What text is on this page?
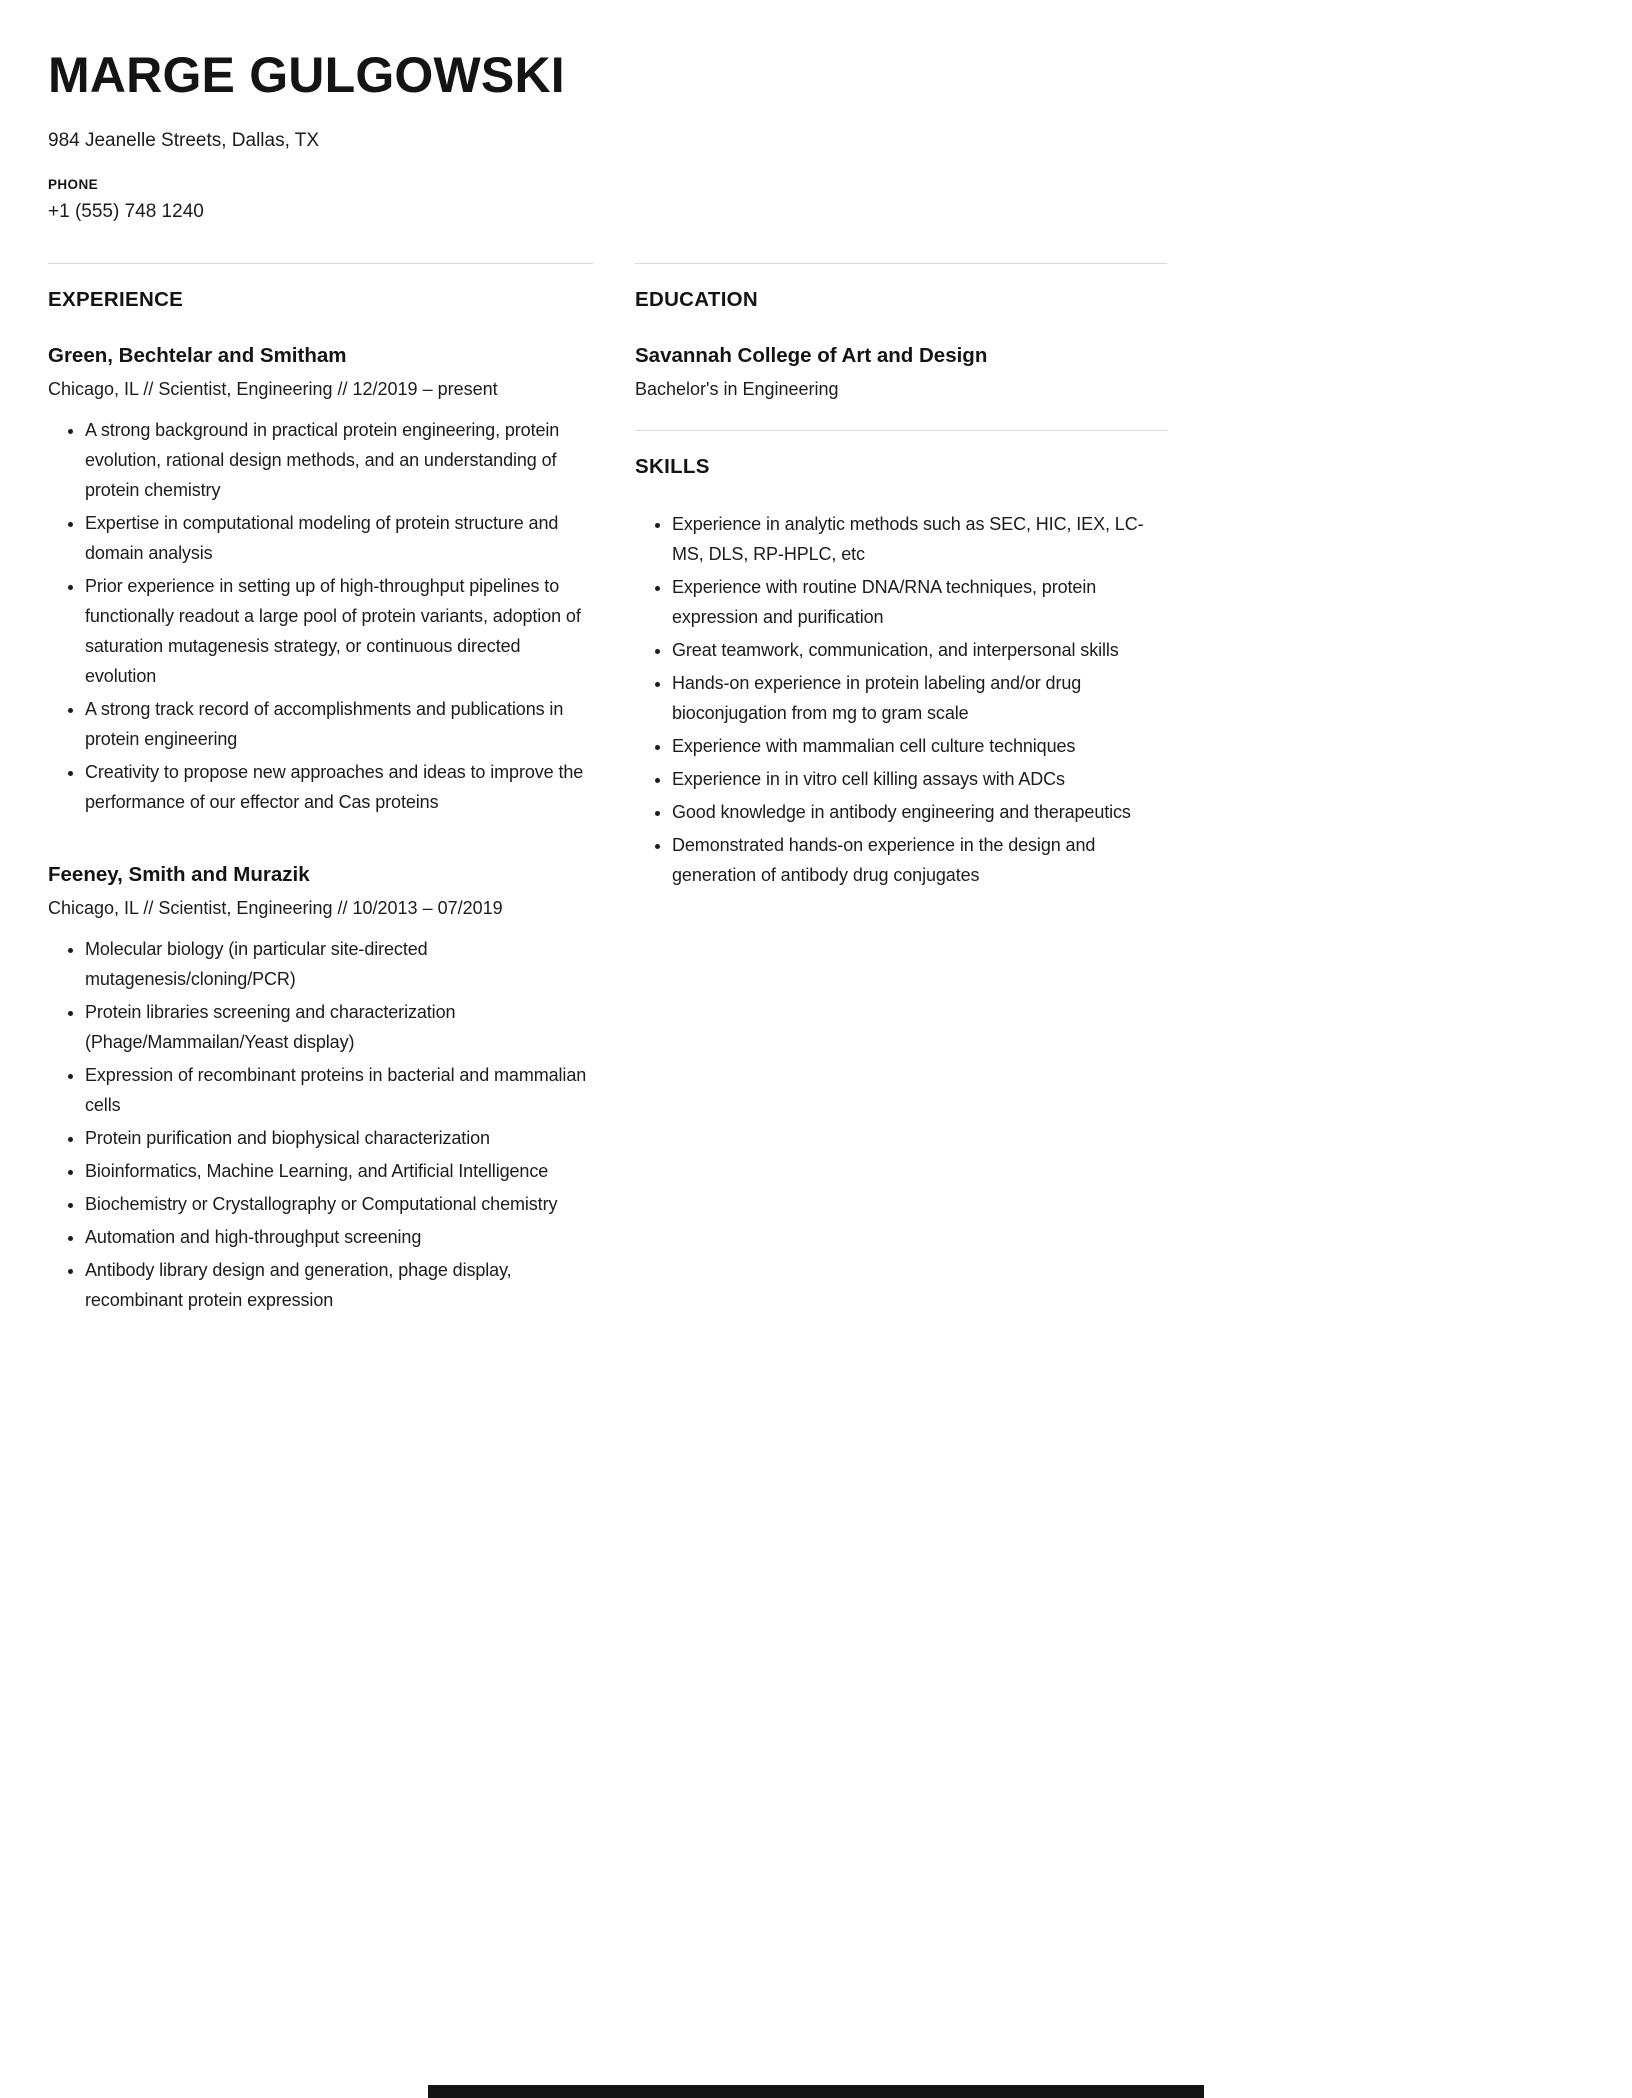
MARGE GULGOWSKI
984 Jeanelle Streets, Dallas, TX
PHONE
+1 (555) 748 1240
EXPERIENCE
Green, Bechtelar and Smitham
Chicago, IL // Scientist, Engineering // 12/2019 – present
• A strong background in practical protein engineering, protein evolution, rational design methods, and an understanding of protein chemistry
• Expertise in computational modeling of protein structure and domain analysis
• Prior experience in setting up of high-throughput pipelines to functionally readout a large pool of protein variants, adoption of saturation mutagenesis strategy, or continuous directed evolution
• A strong track record of accomplishments and publications in protein engineering
• Creativity to propose new approaches and ideas to improve the performance of our effector and Cas proteins
Feeney, Smith and Murazik
Chicago, IL // Scientist, Engineering // 10/2013 – 07/2019
• Molecular biology (in particular site-directed mutagenesis/cloning/PCR)
• Protein libraries screening and characterization (Phage/Mammailan/Yeast display)
• Expression of recombinant proteins in bacterial and mammalian cells
• Protein purification and biophysical characterization
• Bioinformatics, Machine Learning, and Artificial Intelligence
• Biochemistry or Crystallography or Computational chemistry
• Automation and high-throughput screening
• Antibody library design and generation, phage display, recombinant protein expression
EDUCATION
Savannah College of Art and Design
Bachelor's in Engineering
SKILLS
• Experience in analytic methods such as SEC, HIC, IEX, LC-MS, DLS, RP-HPLC, etc
• Experience with routine DNA/RNA techniques, protein expression and purification
• Great teamwork, communication, and interpersonal skills
• Hands-on experience in protein labeling and/or drug bioconjugation from mg to gram scale
• Experience with mammalian cell culture techniques
• Experience in in vitro cell killing assays with ADCs
• Good knowledge in antibody engineering and therapeutics
• Demonstrated hands-on experience in the design and generation of antibody drug conjugates
